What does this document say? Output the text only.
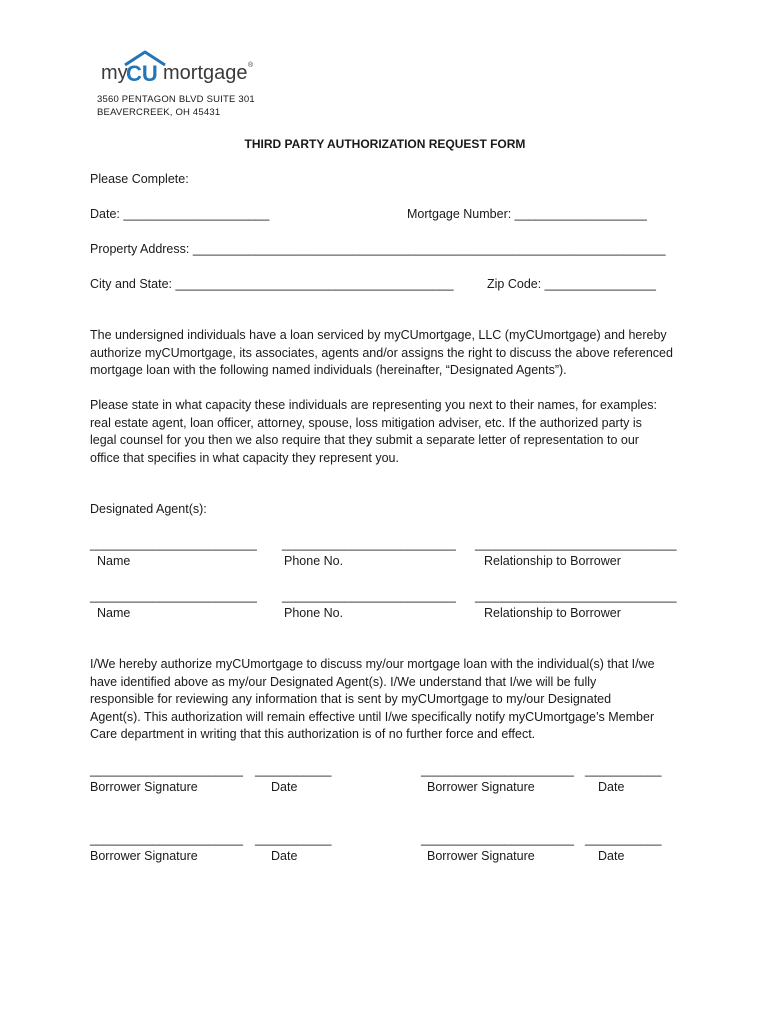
my
CU mortgage ®
3560 PENTAGON BLVD SUITE 301
BEAVERCREEK, OH 45431
THIRD PARTY AUTHORIZATION REQUEST FORM
Please Complete:
Date: _____________________	Mortgage Number: ___________________
Property Address: ____________________________________________________________________
City and State: ________________________________________	Zip Code: ________________
The undersigned individuals have a loan serviced by myCUmortgage, LLC (myCUmortgage) and hereby
authorize myCUmortgage, its associates, agents and/or assigns the right to discuss the above referenced
mortgage loan with the following named individuals (hereinafter, “Designated Agents”).
Please state in what capacity these individuals are representing you next to their names, for examples:
real estate agent, loan officer, attorney, spouse, loss mitigation adviser, etc. If the authorized party is
legal counsel for you then we also require that they submit a separate letter of representation to our
office that specifies in what capacity they represent you.
Designated Agent(s):
________________________ _________________________ _____________________________
Name	Phone No.	Relationship to Borrower
________________________ _________________________ _____________________________
Name	Phone No.	Relationship to Borrower
I/We hereby authorize myCUmortgage to discuss my/our mortgage loan with the individual(s) that I/we
have identified above as my/our Designated Agent(s). I/We understand that I/we will be fully
responsible for reviewing any information that is sent by myCUmortgage to my/our Designated
Agent(s). This authorization will remain effective until I/we specifically notify myCUmortgage’s Member
Care department in writing that this authorization is of no further force and effect.
______________________ ___________	______________________ ___________
Borrower Signature	Date	Borrower Signature	Date
______________________ ___________	______________________ ___________
Borrower Signature	Date	Borrower Signature	Date
